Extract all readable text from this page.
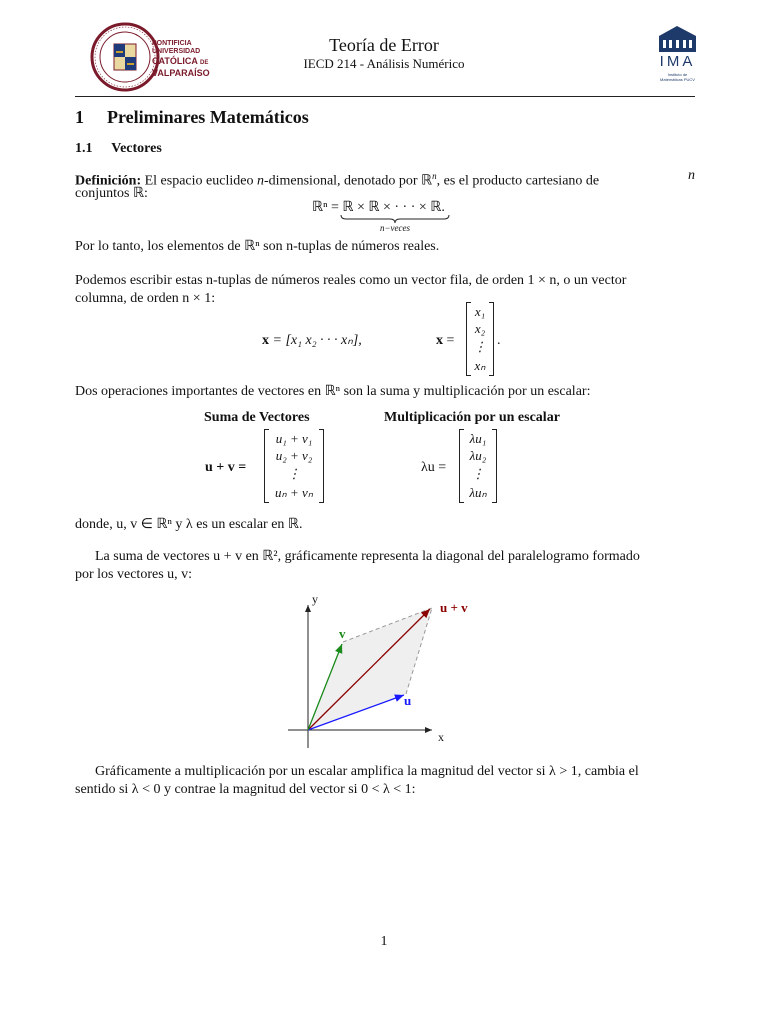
PONTIFICIA
UNIVERSIDAD
CATÓLICA DE
VALPARAÍSO
Teoría de Error
IECD 214 - Análisis Numérico	IMA
Instituto de
Matemáticas PUCV
1 Preliminares Matemáticos
1.1 Vectores
Definición: El espacio euclideo n-dimensional, denotado por ℝ$^n$, es el producto cartesiano de	n
conjuntos ℝ:
ℝⁿ = ℝ × ℝ × · · · × ℝ.
n−veces
Por lo tanto, los elementos de ℝⁿ son n-tuplas de números reales.
Podemos escribir estas n-tuplas de números reales como un vector fila, de orden 1 × n, o un vector
columna, de orden n × 1:
x = [x₁ x₂ · · · xₙ],	x =
x₁
x₂
⋮
xₙ
.
Dos operaciones importantes de vectores en ℝⁿ son la suma y multiplicación por un escalar:
Suma de Vectores	Multiplicación por un escalar
u + v =
u₁ + v₁
u₂ + v₂
⋮
uₙ + vₙ
λu =
λu₁
λu₂
⋮
λuₙ
donde, u, v ∈ ℝⁿ y λ es un escalar en ℝ.
La suma de vectores u + v en ℝ², gráficamente representa la diagonal del paralelogramo formado
por los vectores u, v:
y
x
u
v
u + v
Gráficamente a multiplicación por un escalar amplifica la magnitud del vector si λ > 1, cambia el
sentido si λ < 0 y contrae la magnitud del vector si 0 < λ < 1:
1
